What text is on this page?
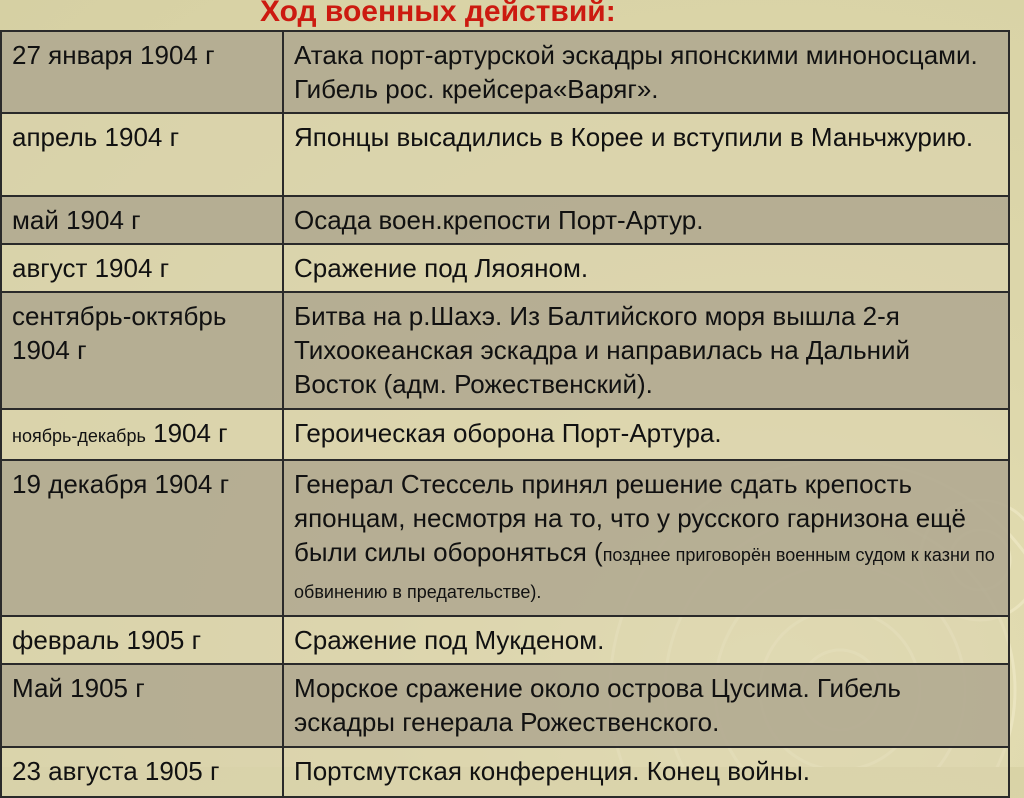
Ход военных действий:
27 января 1904 г	Атака порт-артурской эскадры японскими миноносцами. Гибель рос. крейсера«Варяг».
апрель 1904 г	Японцы высадились в Корее и вступили в Маньчжурию.
май 1904 г	Осада воен.крепости Порт-Артур.
август 1904 г	Сражение под Ляояном.
сентябрь-октябрь 1904 г	Битва на р.Шахэ. Из Балтийского моря вышла 2-я Тихоокеанская эскадра и направилась на Дальний Восток (адм. Рожественский).
ноябрь-декабрь 1904 г	Героическая оборона Порт-Артура.
19 декабря 1904 г	Генерал Стессель принял решение сдать крепость японцам, несмотря на то, что у русского гарнизона ещё были силы обороняться (позднее приговорён военным судом к казни по обвинению в предательстве).
февраль 1905 г	Сражение под Мукденом.
Май 1905 г	Морское сражение около острова Цусима. Гибель эскадры генерала Рожественского.
23 августа 1905 г	Портсмутская конференция. Конец войны.
